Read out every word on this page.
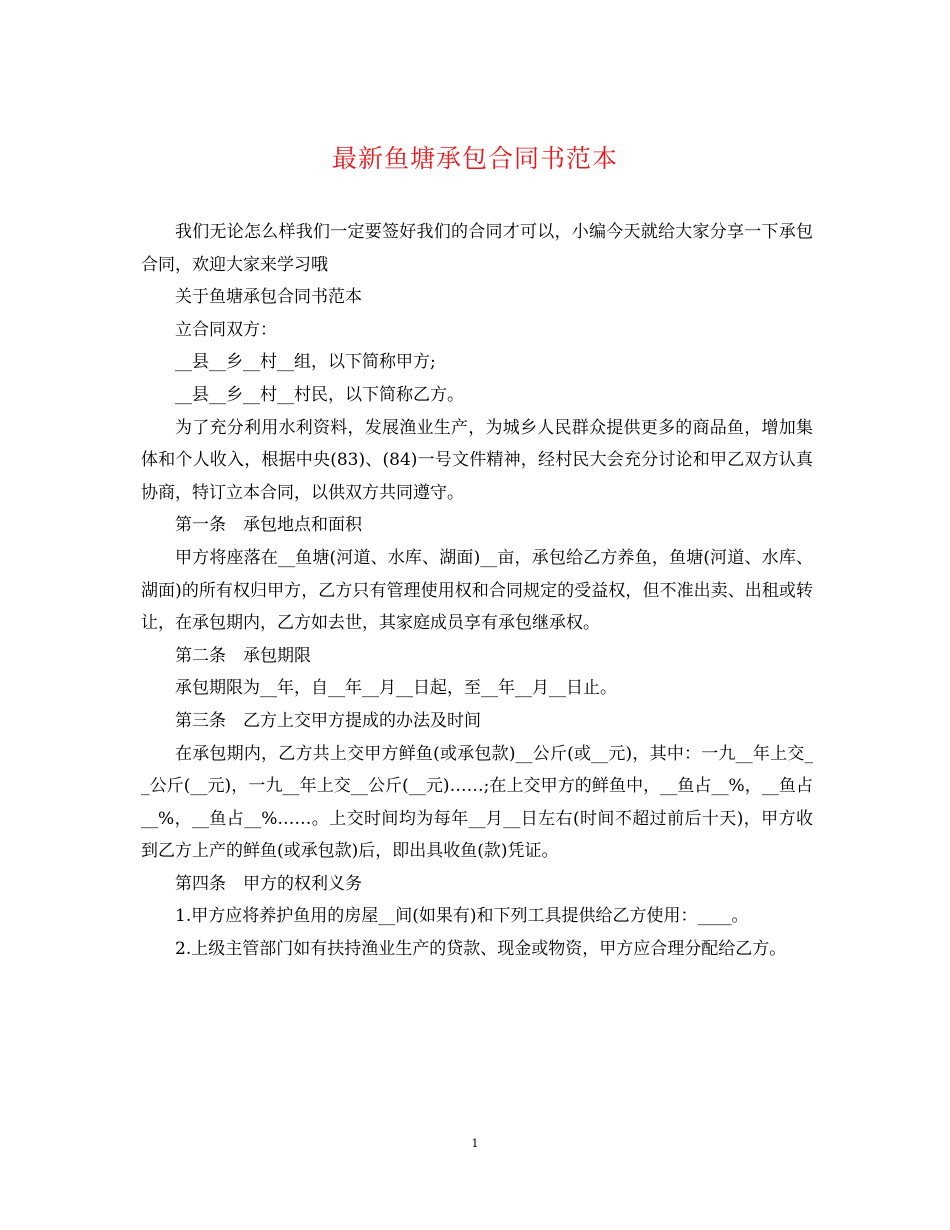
最新鱼塘承包合同书范本

我们无论怎么样我们一定要签好我们的合同才可以，小编今天就给大家分享一下承包合同，欢迎大家来学习哦

关于鱼塘承包合同书范本

立合同双方：

__县__乡__村__组，以下简称甲方;

__县__乡__村__村民，以下简称乙方。

为了充分利用水利资料，发展渔业生产，为城乡人民群众提供更多的商品鱼，增加集体和个人收入，根据中央(83)、(84)一号文件精神，经村民大会充分讨论和甲乙双方认真协商，特订立本合同，以供双方共同遵守。

第一条　承包地点和面积

甲方将座落在__鱼塘(河道、水库、湖面)__亩，承包给乙方养鱼，鱼塘(河道、水库、湖面)的所有权归甲方，乙方只有管理使用权和合同规定的受益权，但不准出卖、出租或转让，在承包期内，乙方如去世，其家庭成员享有承包继承权。

第二条　承包期限

承包期限为__年，自__年__月__日起，至__年__月__日止。

第三条　乙方上交甲方提成的办法及时间

在承包期内，乙方共上交甲方鲜鱼(或承包款)__公斤(或__元)，其中：一九__年上交__公斤(__元)，一九__年上交__公斤(__元)……;在上交甲方的鲜鱼中，__鱼占__%，__鱼占__%，__鱼占__%……。上交时间均为每年__月__日左右(时间不超过前后十天)，甲方收到乙方上产的鲜鱼(或承包款)后，即出具收鱼(款)凭证。

第四条　甲方的权利义务

1.甲方应将养护鱼用的房屋__间(如果有)和下列工具提供给乙方使用：____。

2.上级主管部门如有扶持渔业生产的贷款、现金或物资，甲方应合理分配给乙方。

1
